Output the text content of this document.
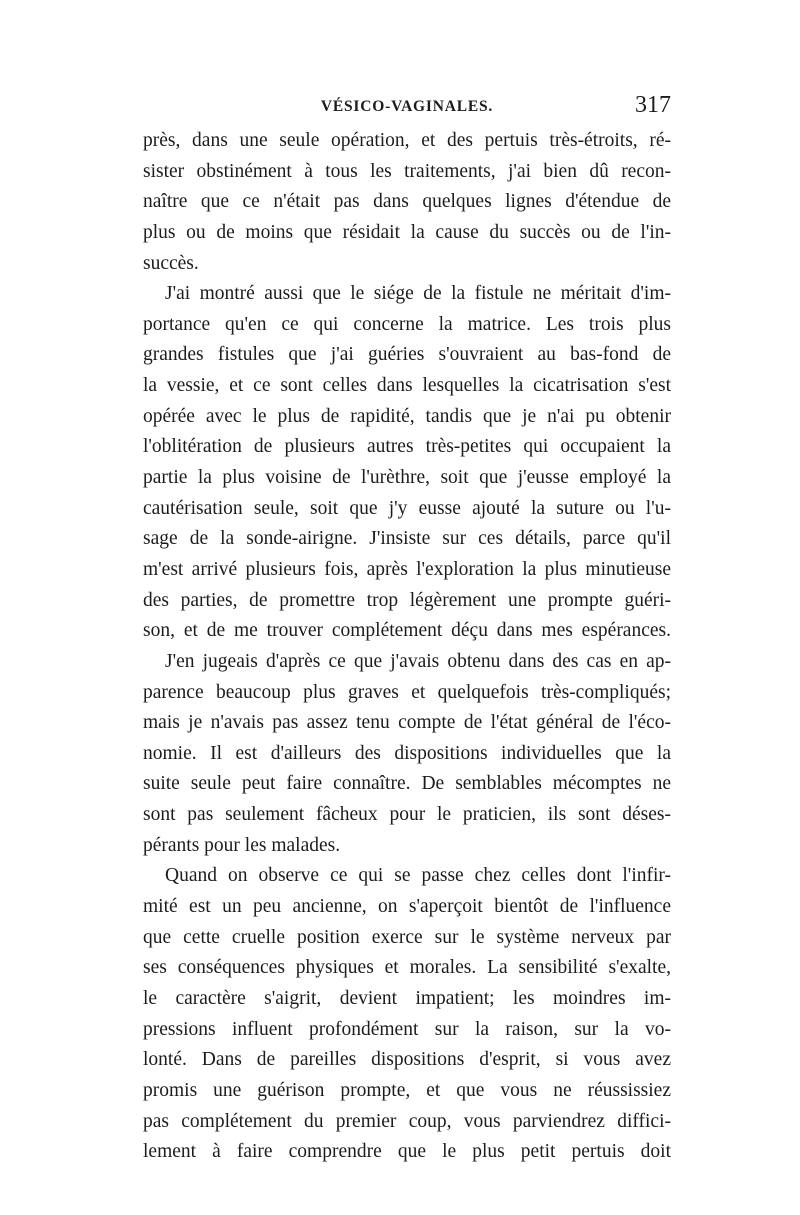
VÉSICO-VAGINALES.	317
près, dans une seule opération, et des pertuis très-étroits, ré-
sister obstinément à tous les traitements, j'ai bien dû recon-
naître que ce n'était pas dans quelques lignes d'étendue de
plus ou de moins que résidait la cause du succès ou de l'in-
succès.
J'ai montré aussi que le siége de la fistule ne méritait d'im-
portance qu'en ce qui concerne la matrice. Les trois plus
grandes fistules que j'ai guéries s'ouvraient au bas-fond de
la vessie, et ce sont celles dans lesquelles la cicatrisation s'est
opérée avec le plus de rapidité, tandis que je n'ai pu obtenir
l'oblitération de plusieurs autres très-petites qui occupaient la
partie la plus voisine de l'urèthre, soit que j'eusse employé la
cautérisation seule, soit que j'y eusse ajouté la suture ou l'u-
sage de la sonde-airigne. J'insiste sur ces détails, parce qu'il
m'est arrivé plusieurs fois, après l'exploration la plus minutieuse
des parties, de promettre trop légèrement une prompte guéri-
son, et de me trouver complétement déçu dans mes espérances.
J'en jugeais d'après ce que j'avais obtenu dans des cas en ap-
parence beaucoup plus graves et quelquefois très-compliqués;
mais je n'avais pas assez tenu compte de l'état général de l'éco-
nomie. Il est d'ailleurs des dispositions individuelles que la
suite seule peut faire connaître. De semblables mécomptes ne
sont pas seulement fâcheux pour le praticien, ils sont déses-
pérants pour les malades.
Quand on observe ce qui se passe chez celles dont l'infir-
mité est un peu ancienne, on s'aperçoit bientôt de l'influence
que cette cruelle position exerce sur le système nerveux par
ses conséquences physiques et morales. La sensibilité s'exalte,
le caractère s'aigrit, devient impatient; les moindres im-
pressions influent profondément sur la raison, sur la vo-
lonté. Dans de pareilles dispositions d'esprit, si vous avez
promis une guérison prompte, et que vous ne réussissiez
pas complétement du premier coup, vous parviendrez diffici-
lement à faire comprendre que le plus petit pertuis doit
